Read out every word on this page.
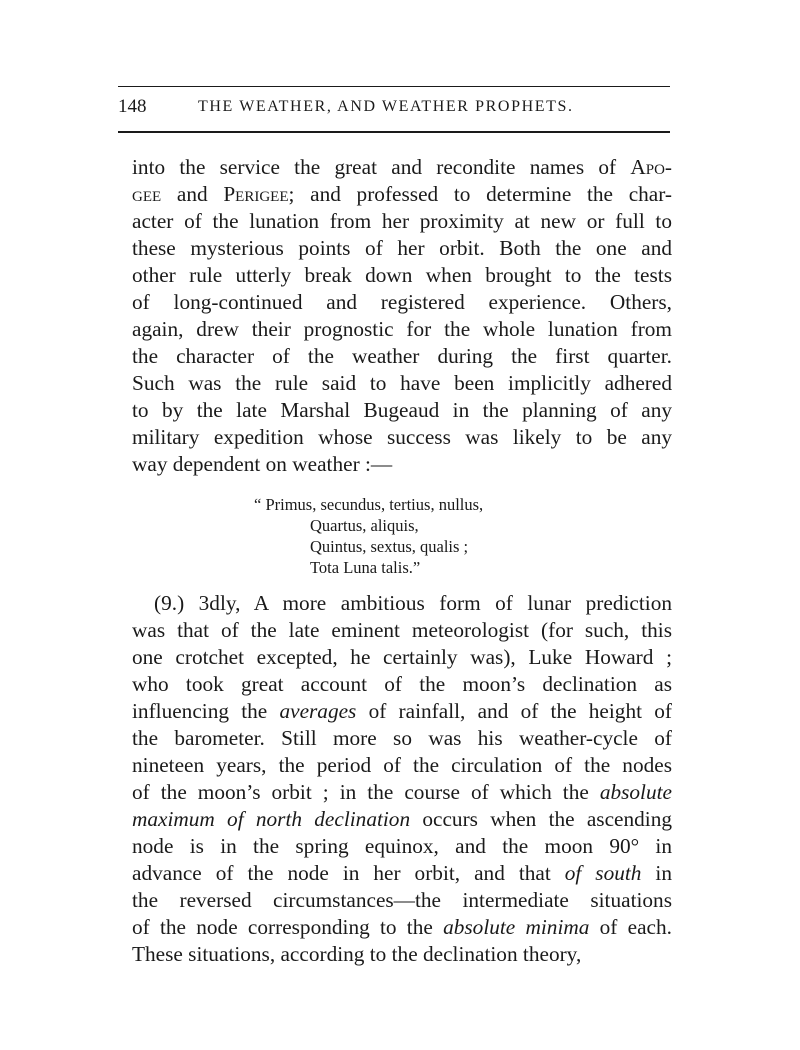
148	THE WEATHER, AND WEATHER PROPHETS.
into the service the great and recondite names of Apo-
gee and Perigee; and professed to determine the char-
acter of the lunation from her proximity at new or full to
these mysterious points of her orbit. Both the one and
other rule utterly break down when brought to the tests
of long-continued and registered experience. Others,
again, drew their prognostic for the whole lunation from
the character of the weather during the first quarter.
Such was the rule said to have been implicitly adhered
to by the late Marshal Bugeaud in the planning of any
military expedition whose success was likely to be any
way dependent on weather :—
“ Primus, secundus, tertius, nullus,
Quartus, aliquis,
Quintus, sextus, qualis ;
Tota Luna talis.”
(9.) 3dly, A more ambitious form of lunar prediction
was that of the late eminent meteorologist (for such, this
one crotchet excepted, he certainly was), Luke Howard ;
who took great account of the moon’s declination as
influencing the averages of rainfall, and of the height of
the barometer. Still more so was his weather-cycle of
nineteen years, the period of the circulation of the nodes
of the moon’s orbit ; in the course of which the absolute
maximum of north declination occurs when the ascending
node is in the spring equinox, and the moon 90° in
advance of the node in her orbit, and that of south in
the reversed circumstances—the intermediate situations
of the node corresponding to the absolute minima of each.
These situations, according to the declination theory,
